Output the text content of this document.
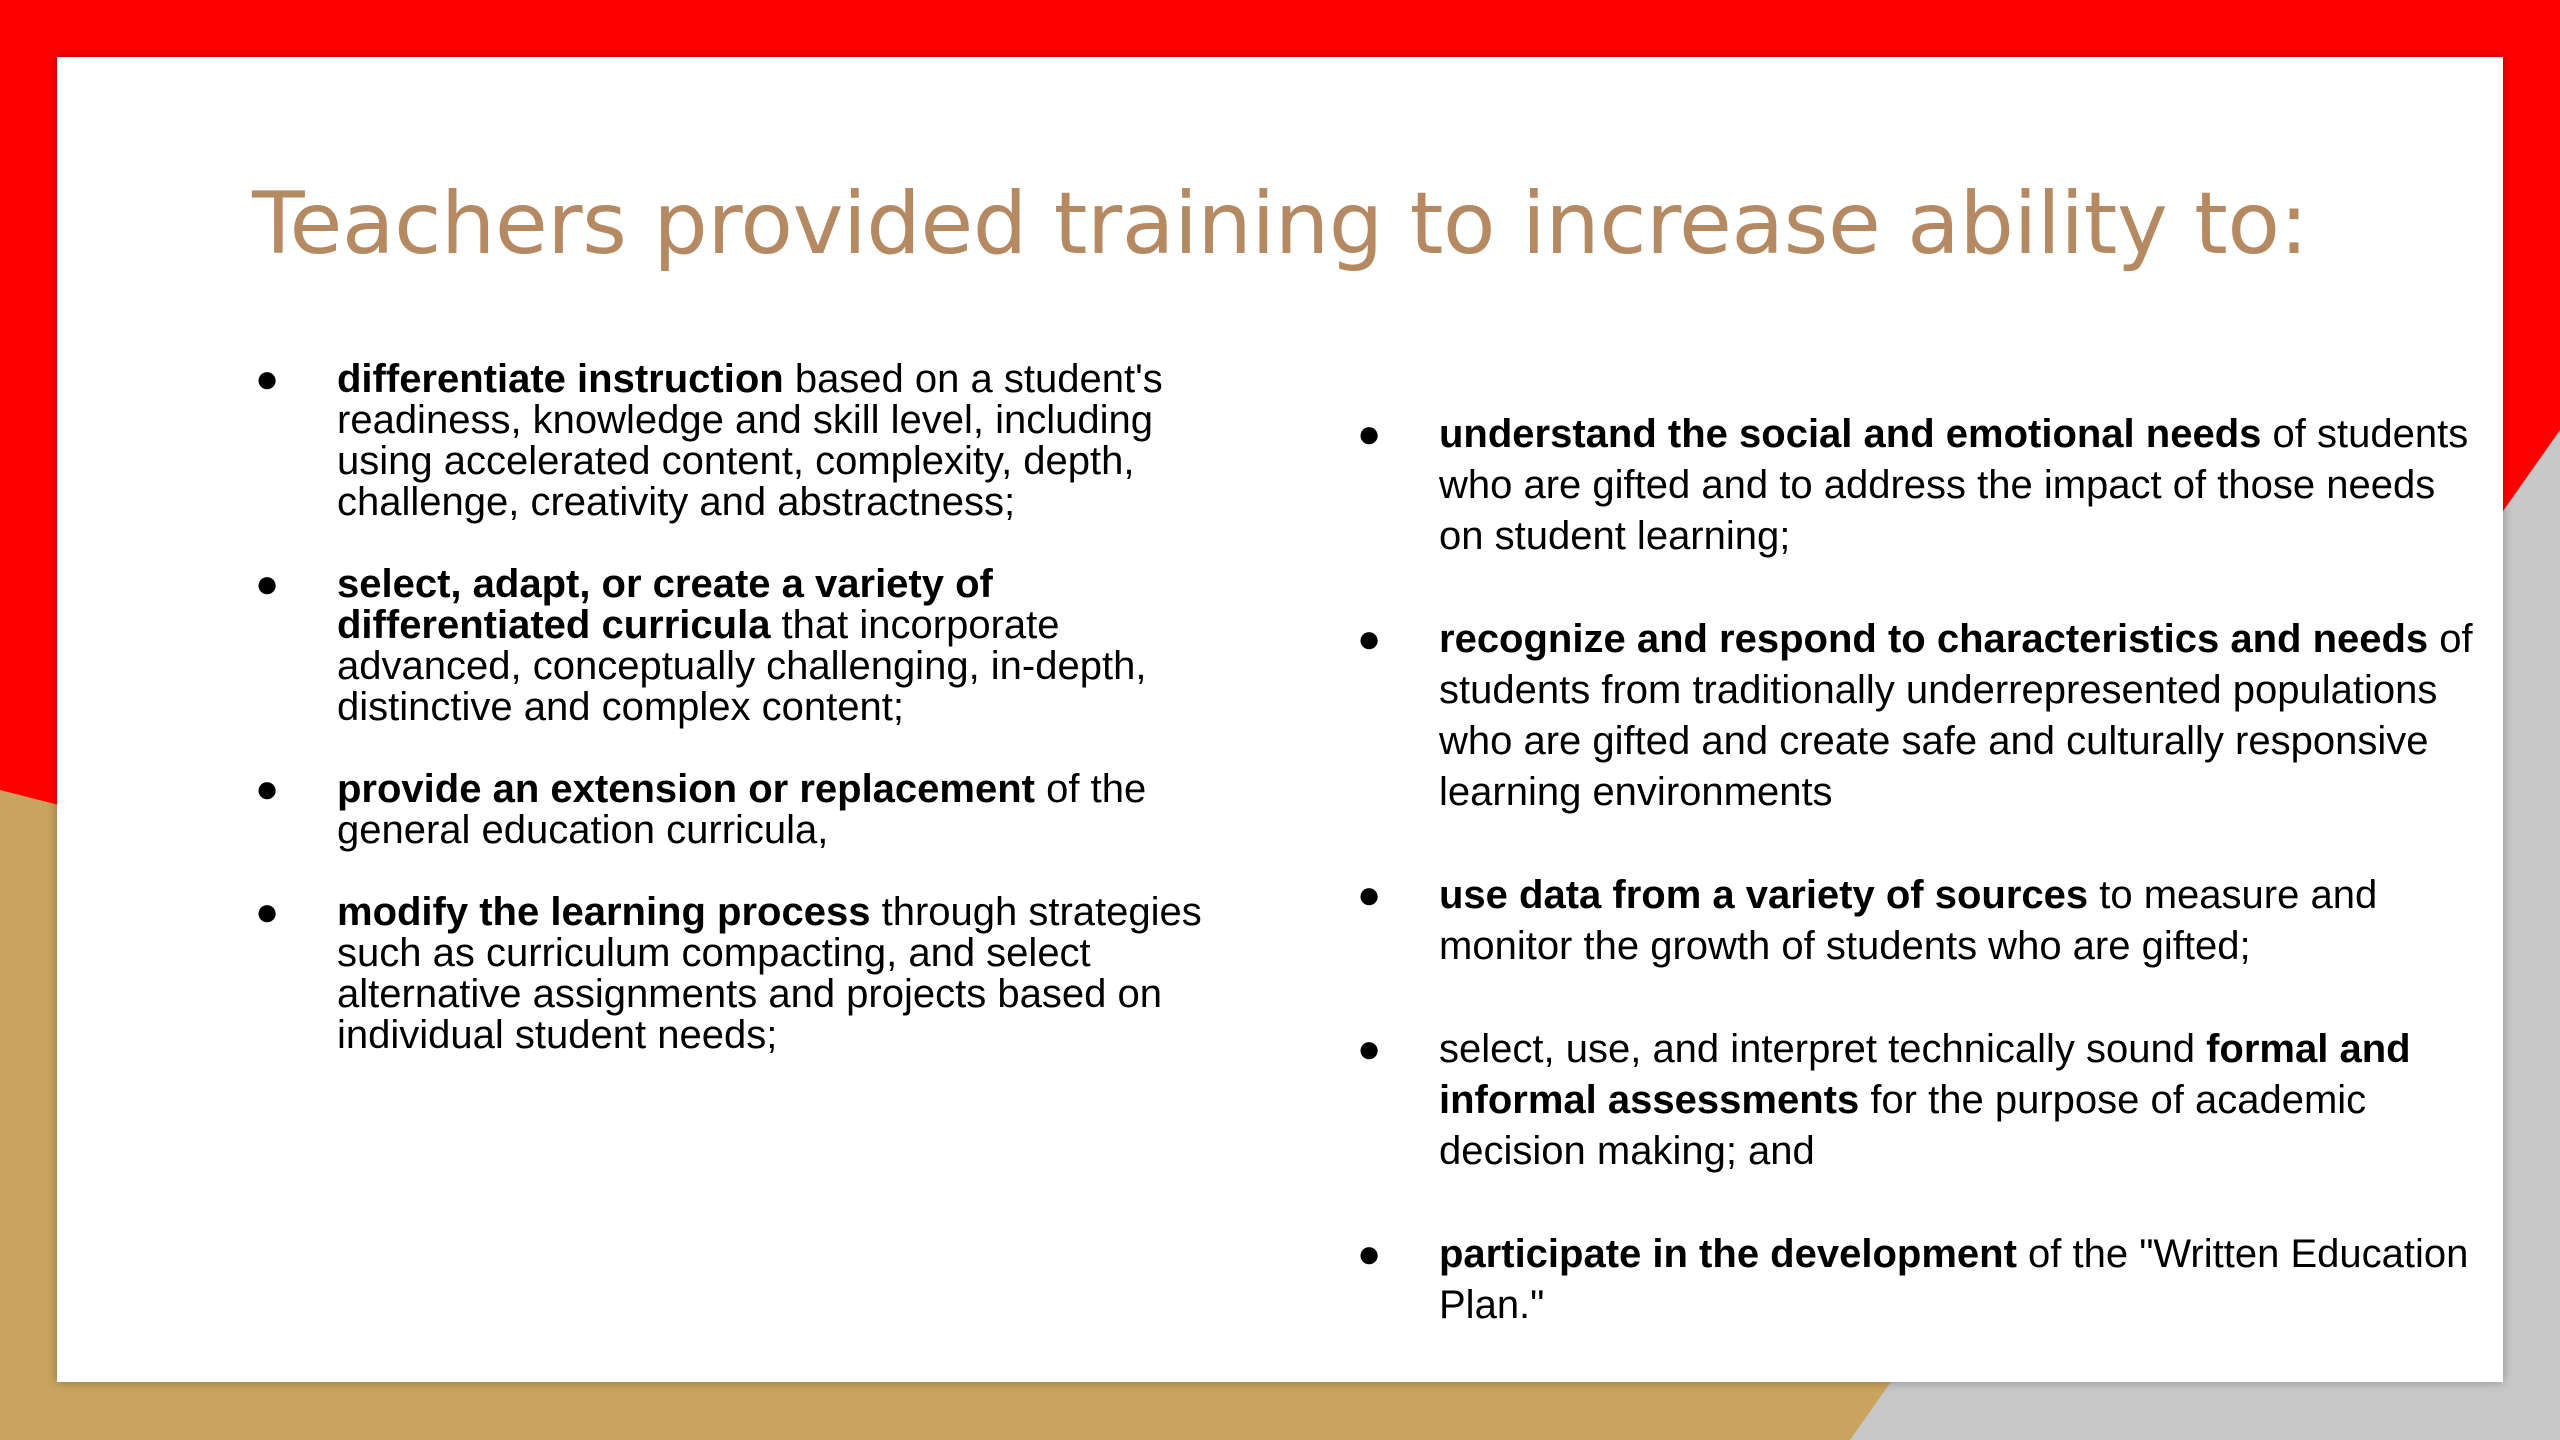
Teachers provided training to increase ability to:
● differentiate instruction based on a student's readiness, knowledge and skill level, including using accelerated content, complexity, depth, challenge, creativity and abstractness;
● select, adapt, or create a variety of differentiated curricula that incorporate advanced, conceptually challenging, in-depth, distinctive and complex content;
● provide an extension or replacement of the general education curricula,
● modify the learning process through strategies such as curriculum compacting, and select alternative assignments and projects based on individual student needs;
● understand the social and emotional needs of students who are gifted and to address the impact of those needs on student learning;
● recognize and respond to characteristics and needs of students from traditionally underrepresented populations who are gifted and create safe and culturally responsive learning environments
● use data from a variety of sources to measure and monitor the growth of students who are gifted;
● select, use, and interpret technically sound formal and informal assessments for the purpose of academic decision making; and
● participate in the development of the "Written Education Plan."
